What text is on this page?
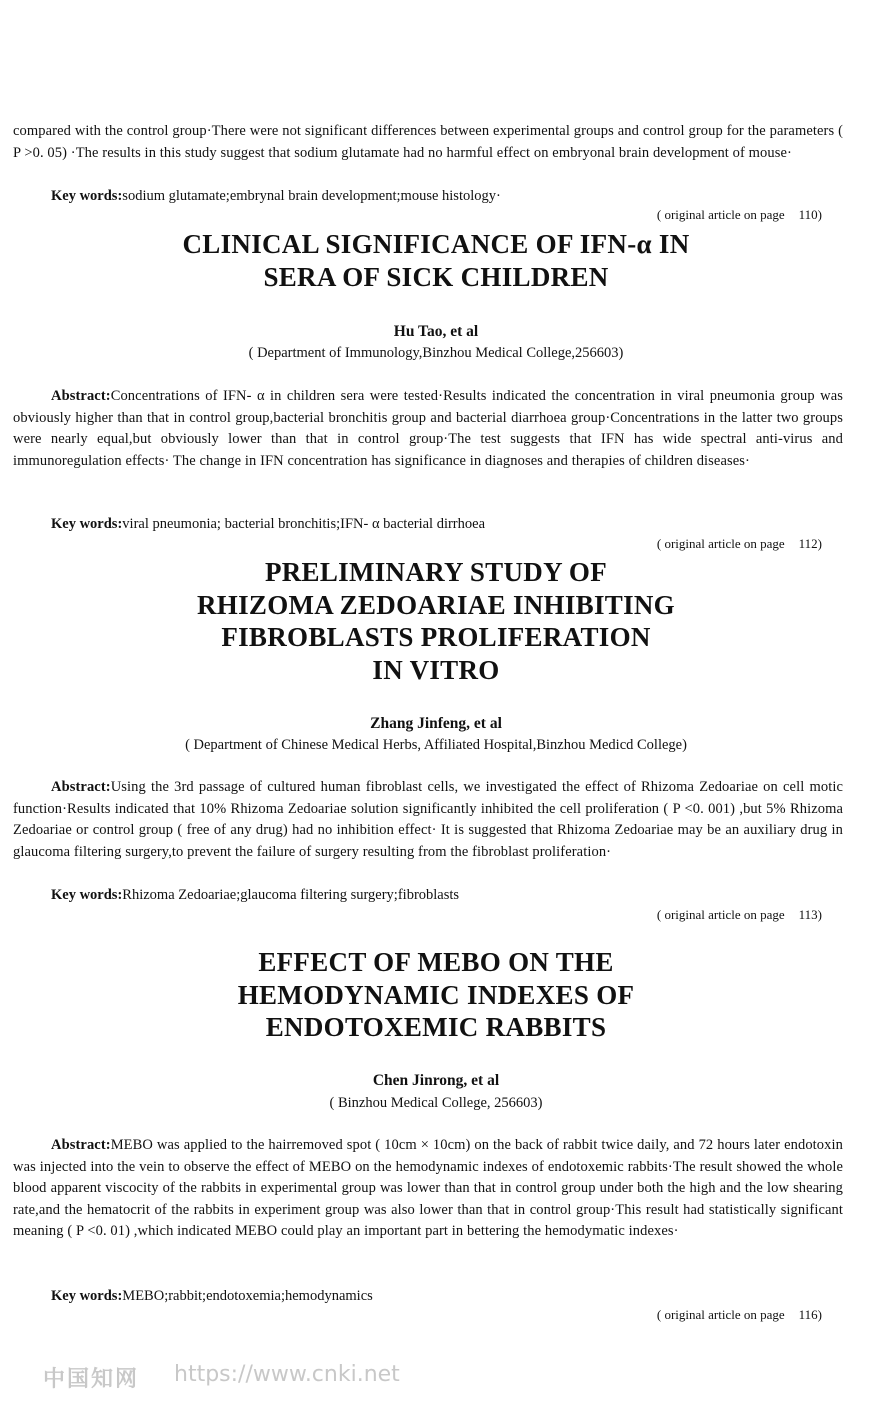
compared with the control group·There were not significant differences between experimental groups and control group for the parameters ( P >0. 05) ·The results in this study suggest that sodium glutamate had no harmful effect on embryonal brain development of mouse·
Key words:sodium glutamate;embrynal brain development;mouse histology·
( original article on page 110)
CLINICAL SIGNIFICANCE OF IFN-α IN
SERA OF SICK CHILDREN
Hu Tao, et al
( Department of Immunology,Binzhou Medical College,256603)
Abstract:Concentrations of IFN- α in children sera were tested·Results indicated the concentration in viral pneumonia group was obviously higher than that in control group,bacterial bronchitis group and bacterial diarrhoea group·Concentrations in the latter two groups were nearly equal,but obviously lower than that in control group·The test suggests that IFN has wide spectral anti-virus and immunoregulation effects· The change in IFN concentration has significance in diagnoses and therapies of children diseases·
Key words:viral pneumonia; bacterial bronchitis;IFN- α bacterial dirrhoea
( original article on page 112)
PRELIMINARY STUDY OF
RHIZOMA ZEDOARIAE INHIBITING
FIBROBLASTS PROLIFERATION
IN VITRO
Zhang Jinfeng, et al
( Department of Chinese Medical Herbs, Affiliated Hospital,Binzhou Medicd College)
Abstract:Using the 3rd passage of cultured human fibroblast cells, we investigated the effect of Rhizoma Zedoariae on cell motic function·Results indicated that 10% Rhizoma Zedoariae solution significantly inhibited the cell proliferation ( P <0. 001) ,but 5% Rhizoma Zedoariae or control group ( free of any drug) had no inhibition effect· It is suggested that Rhizoma Zedoariae may be an auxiliary drug in glaucoma filtering surgery,to prevent the failure of surgery resulting from the fibroblast proliferation·
Key words:Rhizoma Zedoariae;glaucoma filtering surgery;fibroblasts
( original article on page 113)
EFFECT OF MEBO ON THE
HEMODYNAMIC INDEXES OF
ENDOTOXEMIC RABBITS
Chen Jinrong, et al
( Binzhou Medical College, 256603)
Abstract:MEBO was applied to the hairremoved spot ( 10cm × 10cm) on the back of rabbit twice daily, and 72 hours later endotoxin was injected into the vein to observe the effect of MEBO on the hemodynamic indexes of endotoxemic rabbits·The result showed the whole blood apparent viscocity of the rabbits in experimental group was lower than that in control group under both the high and the low shearing rate,and the hematocrit of the rabbits in experiment group was also lower than that in control group·This result had statistically significant meaning ( P <0. 01) ,which indicated MEBO could play an important part in bettering the hemodymatic indexes·
Key words:MEBO;rabbit;endotoxemia;hemodynamics
( original article on page 116)
中国知网 https://www.cnki.net
